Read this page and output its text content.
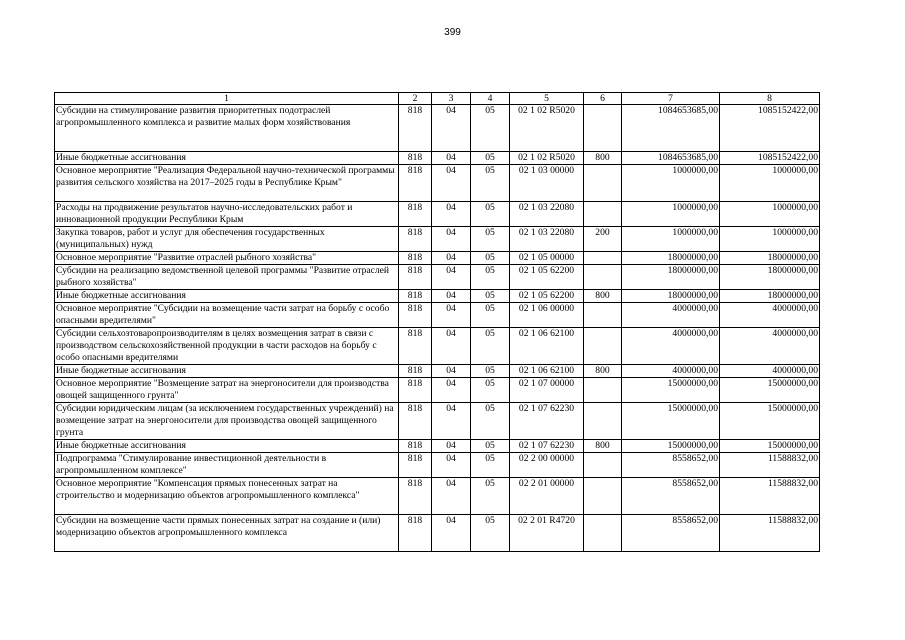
399
1	2	3	4	5	6	7	8
Субсидии на стимулирование развития приоритетных подотраслей агропромышленного комплекса и развитие малых форм хозяйствования	818	04	05	02 1 02 R5020		1084653685,00	1085152422,00
Иные бюджетные ассигнования	818	04	05	02 1 02 R5020	800	1084653685,00	1085152422,00
Основное мероприятие "Реализация Федеральной научно-технической программы развития сельского хозяйства на 2017–2025 годы в Республике Крым"	818	04	05	02 1 03 00000		1000000,00	1000000,00
Расходы на продвижение результатов научно-исследовательских работ и инновационной продукции Республики Крым	818	04	05	02 1 03 22080		1000000,00	1000000,00
Закупка товаров, работ и услуг для обеспечения государственных (муниципальных) нужд	818	04	05	02 1 03 22080	200	1000000,00	1000000,00
Основное мероприятие "Развитие отраслей рыбного хозяйства"	818	04	05	02 1 05 00000		18000000,00	18000000,00
Субсидии на реализацию ведомственной целевой программы "Развитие отраслей рыбного хозяйства"	818	04	05	02 1 05 62200		18000000,00	18000000,00
Иные бюджетные ассигнования	818	04	05	02 1 05 62200	800	18000000,00	18000000,00
Основное мероприятие "Субсидии на возмещение части затрат на борьбу с особо опасными вредителями"	818	04	05	02 1 06 00000		4000000,00	4000000,00
Субсидии сельхозтоваропроизводителям в целях возмещения затрат в связи с производством сельскохозяйственной продукции в части расходов на борьбу с особо опасными вредителями	818	04	05	02 1 06 62100		4000000,00	4000000,00
Иные бюджетные ассигнования	818	04	05	02 1 06 62100	800	4000000,00	4000000,00
Основное мероприятие "Возмещение затрат на энергоносители для производства овощей защищенного грунта"	818	04	05	02 1 07 00000		15000000,00	15000000,00
Субсидии юридическим лицам (за исключением государственных учреждений) на возмещение затрат на энергоносители для производства овощей защищенного грунта	818	04	05	02 1 07 62230		15000000,00	15000000,00
Иные бюджетные ассигнования	818	04	05	02 1 07 62230	800	15000000,00	15000000,00
Подпрограмма "Стимулирование инвестиционной деятельности в агропромышленном комплексе"	818	04	05	02 2 00 00000		8558652,00	11588832,00
Основное мероприятие "Компенсация прямых понесенных затрат на строительство и модернизацию объектов агропромышленного комплекса"	818	04	05	02 2 01 00000		8558652,00	11588832,00
Субсидии на возмещение части прямых понесенных затрат на создание и (или) модернизацию объектов агропромышленного комплекса	818	04	05	02 2 01 R4720		8558652,00	11588832,00
